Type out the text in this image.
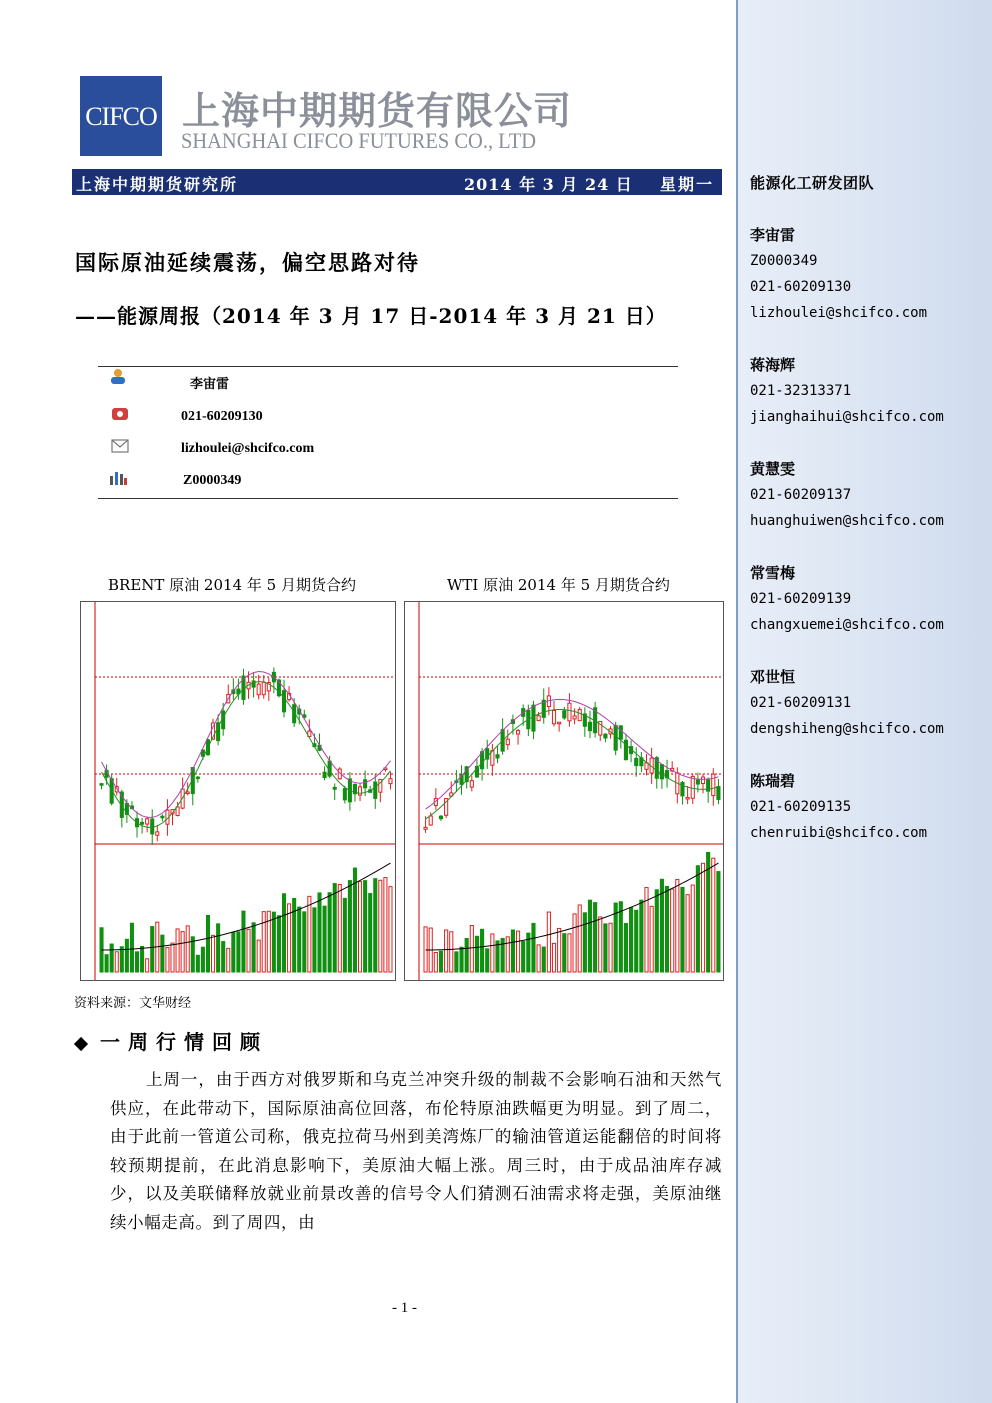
CIFCO 上海中期期货有限公司
SHANGHAI CIFCO FUTURES CO., LTD
上海中期期货研究所	2014 年 3 月 24 日 星期一
国际原油延续震荡，偏空思路对待
——能源周报（2014 年 3 月 17 日-2014 年 3 月 21 日）
李宙雷
021-60209130
lizhoulei@shcifco.com
Z0000349
BRENT 原油 2014 年 5 月期货合约	WTI 原油 2014 年 5 月期货合约
资料来源：文华财经
一周行情回顾
上周一，由于西方对俄罗斯和乌克兰冲突升级的制裁不会影响石油和天然气供应，在此带动下，国际原油高位回落，布伦特原油跌幅更为明显。到了周二，由于此前一管道公司称，俄克拉荷马州到美湾炼厂的输油管道运能翻倍的时间将较预期提前，在此消息影响下，美原油大幅上涨。周三时，由于成品油库存减少，以及美联储释放就业前景改善的信号令人们猜测石油需求将走强，美原油继续小幅走高。到了周四，由
- 1 -
能源化工研发团队
李宙雷
Z0000349
021-60209130
lizhoulei@shcifco.com
蒋海辉
021-32313371
jianghaihui@shcifco.com
黄慧雯
021-60209137
huanghuiwen@shcifco.com
常雪梅
021-60209139
changxuemei@shcifco.com
邓世恒
021-60209131
dengshiheng@shcifco.com
陈瑞碧
021-60209135
chenruibi@shcifco.com
